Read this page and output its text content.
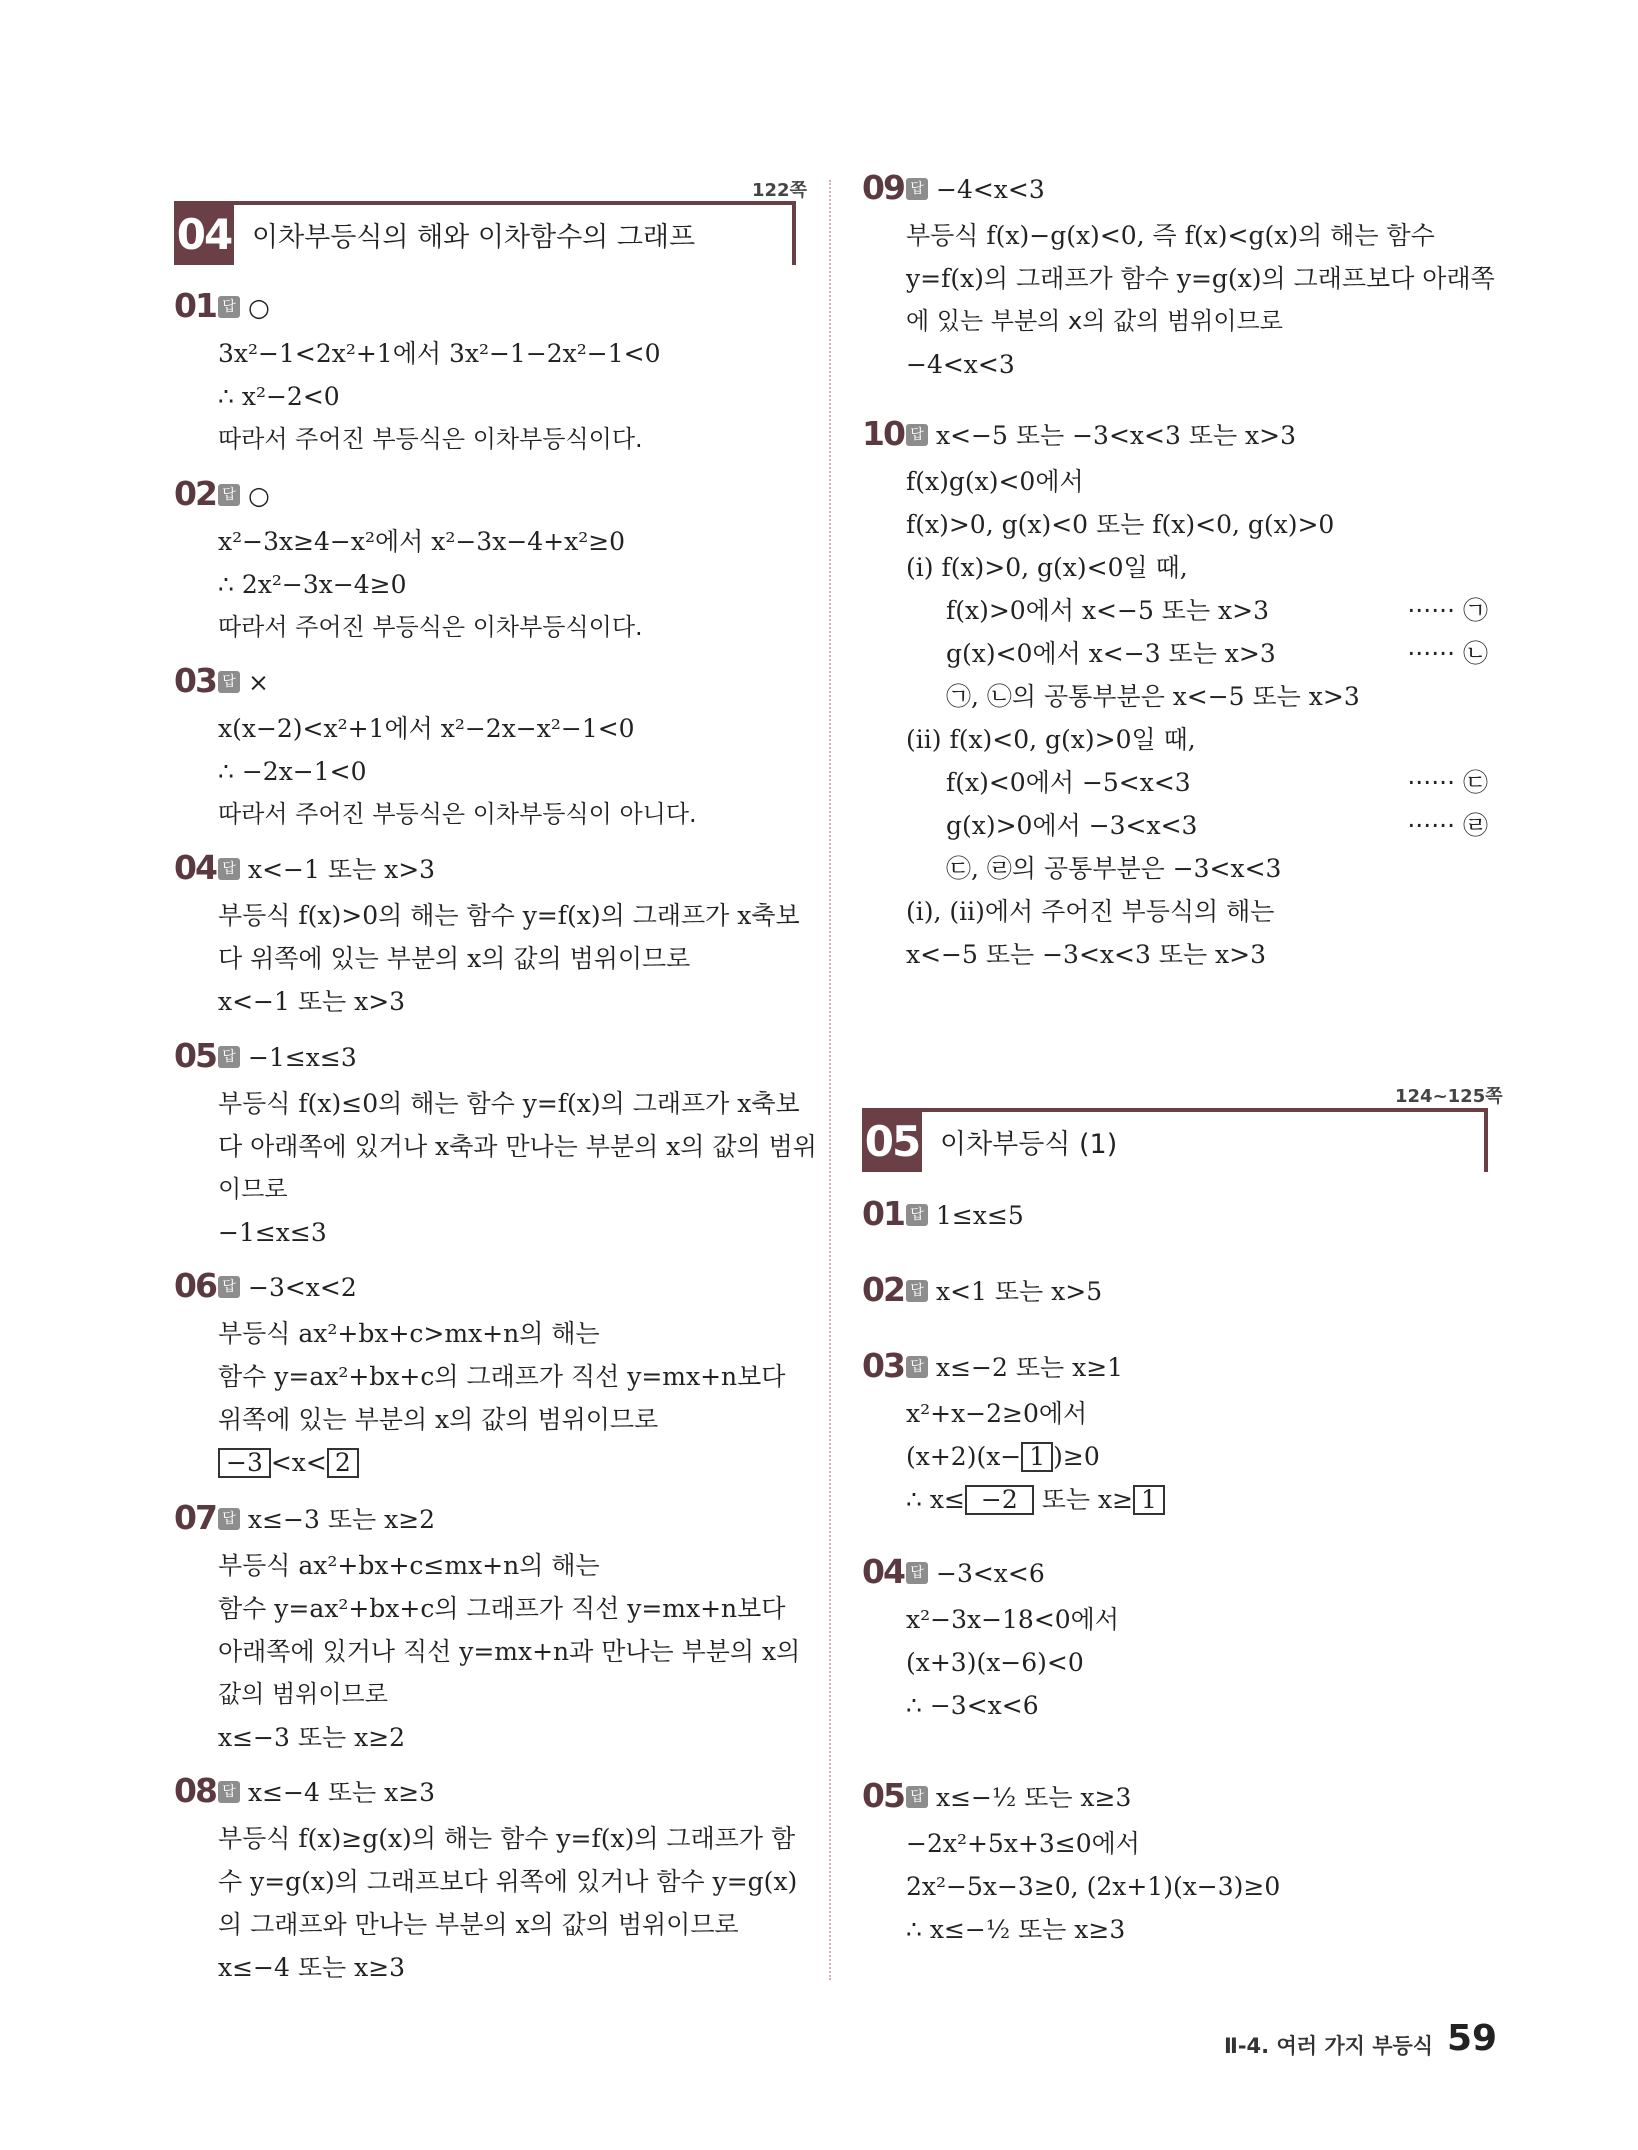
122쪽
04 이차부등식의 해와 이차함수의 그래프
01 답 ○
3x²−1<2x²+1에서 3x²−1−2x²−1<0
∴ x²−2<0
따라서 주어진 부등식은 이차부등식이다.
02 답 ○
x²−3x≥4−x²에서 x²−3x−4+x²≥0
∴ 2x²−3x−4≥0
따라서 주어진 부등식은 이차부등식이다.
03 답 ×
x(x−2)<x²+1에서 x²−2x−x²−1<0
∴ −2x−1<0
따라서 주어진 부등식은 이차부등식이 아니다.
04 답 x<−1 또는 x>3
부등식 f(x)>0의 해는 함수 y=f(x)의 그래프가 x축보
다 위쪽에 있는 부분의 x의 값의 범위이므로
x<−1 또는 x>3
05 답 −1≤x≤3
부등식 f(x)≤0의 해는 함수 y=f(x)의 그래프가 x축보
다 아래쪽에 있거나 x축과 만나는 부분의 x의 값의 범위
이므로
−1≤x≤3
06 답 −3<x<2
부등식 ax²+bx+c>mx+n의 해는
함수 y=ax²+bx+c의 그래프가 직선 y=mx+n보다
위쪽에 있는 부분의 x의 값의 범위이므로
−3 <x< 2
07 답 x≤−3 또는 x≥2
부등식 ax²+bx+c≤mx+n의 해는
함수 y=ax²+bx+c의 그래프가 직선 y=mx+n보다
아래쪽에 있거나 직선 y=mx+n과 만나는 부분의 x의
값의 범위이므로
x≤−3 또는 x≥2
08 답 x≤−4 또는 x≥3
부등식 f(x)≥g(x)의 해는 함수 y=f(x)의 그래프가 함
수 y=g(x)의 그래프보다 위쪽에 있거나 함수 y=g(x)
의 그래프와 만나는 부분의 x의 값의 범위이므로
x≤−4 또는 x≥3
09 답 −4<x<3
부등식 f(x)−g(x)<0, 즉 f(x)<g(x)의 해는 함수
y=f(x)의 그래프가 함수 y=g(x)의 그래프보다 아래쪽
에 있는 부분의 x의 값의 범위이므로
−4<x<3
10 답 x<−5 또는 −3<x<3 또는 x>3
f(x)g(x)<0에서
f(x)>0, g(x)<0 또는 f(x)<0, g(x)>0
(i) f(x)>0, g(x)<0일 때,
f(x)>0에서 x<−5 또는 x>3	······ ㉠
g(x)<0에서 x<−3 또는 x>3	······ ㉡
㉠, ㉡의 공통부분은 x<−5 또는 x>3
(ii) f(x)<0, g(x)>0일 때,
f(x)<0에서 −5<x<3	······ ㉢
g(x)>0에서 −3<x<3	······ ㉣
㉢, ㉣의 공통부분은 −3<x<3
(i), (ii)에서 주어진 부등식의 해는
x<−5 또는 −3<x<3 또는 x>3
124~125쪽
05 이차부등식 (1)
01 답 1≤x≤5
02 답 x<1 또는 x>5
03 답 x≤−2 또는 x≥1
x²+x−2≥0에서
(x+2)(x− 1 )≥0
∴ x≤ −2 또는 x≥ 1
04 답 −3<x<6
x²−3x−18<0에서
(x+3)(x−6)<0
∴ −3<x<6
05 답 x≤−½ 또는 x≥3
−2x²+5x+3≤0에서
2x²−5x−3≥0, (2x+1)(x−3)≥0
∴ x≤−½ 또는 x≥3
Ⅱ-4. 여러 가지 부등식 59
